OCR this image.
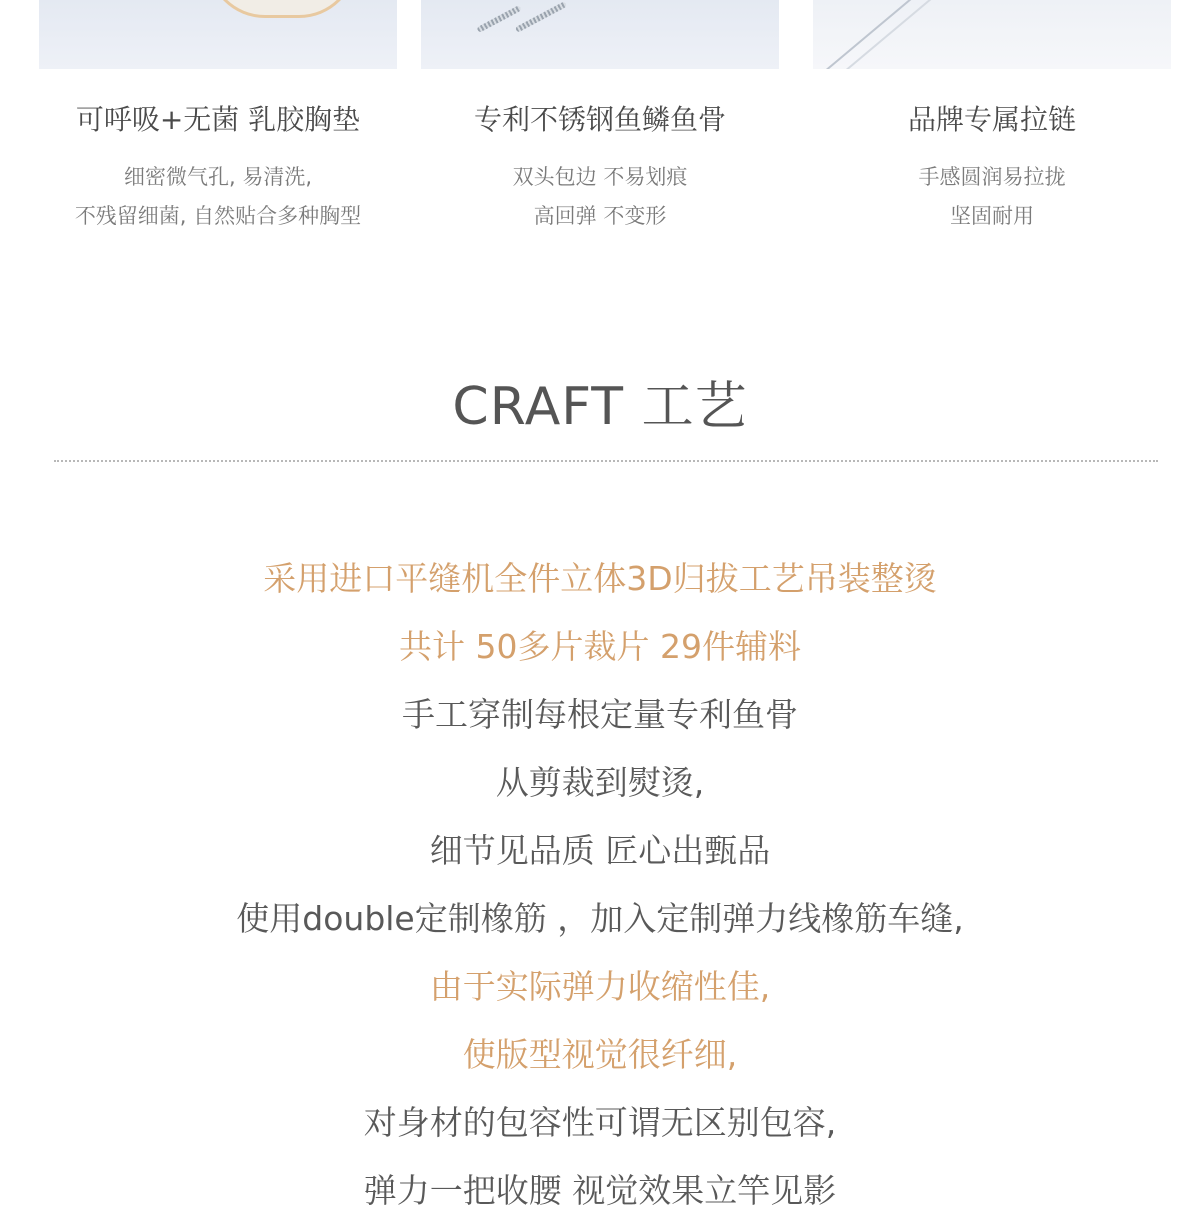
可呼吸+无菌 乳胶胸垫
细密微气孔, 易清洗,
不残留细菌, 自然贴合多种胸型
专利不锈钢鱼鳞鱼骨
双头包边 不易划痕
高回弹 不变形
品牌专属拉链
手感圆润易拉拢
坚固耐用
CRAFT 工艺
采用进口平缝机全件立体3D归拔工艺吊装整烫
共计 50多片裁片 29件辅料
手工穿制每根定量专利鱼骨
从剪裁到熨烫,
细节见品质 匠心出甄品
使用double定制橡筋 ，加入定制弹力线橡筋车缝,
由于实际弹力收缩性佳,
使版型视觉很纤细,
对身材的包容性可谓无区别包容,
弹力一把收腰 视觉效果立竿见影
